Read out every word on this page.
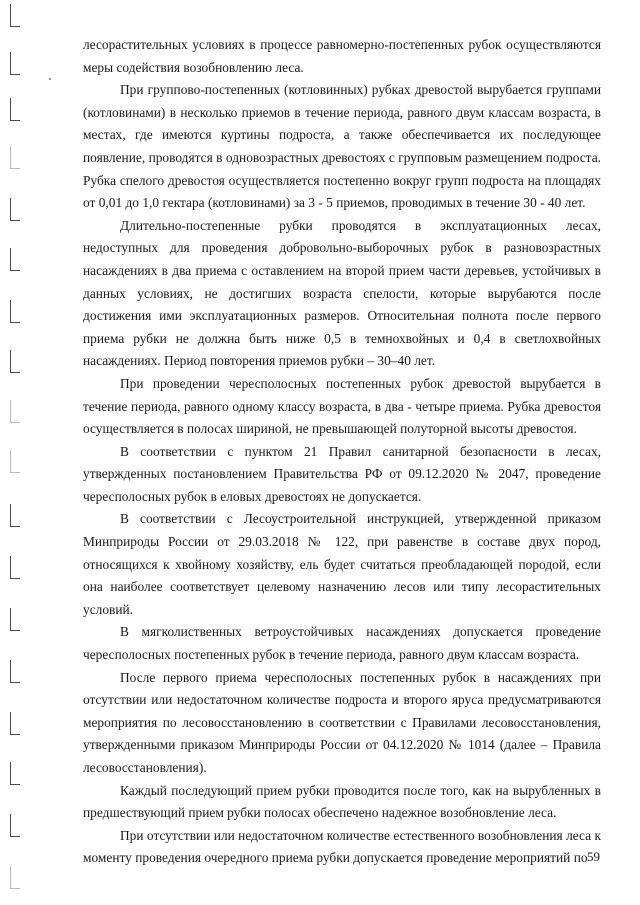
лесорастительных условиях в процессе равномерно-постепенных рубок осуществляются меры содействия возобновлению леса.

При группово-постепенных (котловинных) рубках древостой вырубается группами (котловинами) в несколько приемов в течение периода, равного двум классам возраста, в местах, где имеются куртины подроста, а также обеспечивается их последующее появление, проводятся в одновозрастных древостоях с групповым размещением подроста. Рубка спелого древостоя осуществляется постепенно вокруг групп подроста на площадях от 0,01 до 1,0 гектара (котловинами) за 3 - 5 приемов, проводимых в течение 30 - 40 лет.

Длительно-постепенные рубки проводятся в эксплуатационных лесах, недоступных для проведения добровольно-выборочных рубок в разновозрастных насаждениях в два приема с оставлением на второй прием части деревьев, устойчивых в данных условиях, не достигших возраста спелости, которые вырубаются после достижения ими эксплуатационных размеров. Относительная полнота после первого приема рубки не должна быть ниже 0,5 в темнохвойных и 0,4 в светлохвойных насаждениях. Период повторения приемов рубки – 30–40 лет.

При проведении чересполосных постепенных рубок древостой вырубается в течение периода, равного одному классу возраста, в два - четыре приема. Рубка древостоя осуществляется в полосах шириной, не превышающей полуторной высоты древостоя.

В соответствии с пунктом 21 Правил санитарной безопасности в лесах, утвержденных постановлением Правительства РФ от 09.12.2020 № 2047, проведение чересполосных рубок в еловых древостоях не допускается.

В соответствии с Лесоустроительной инструкцией, утвержденной приказом Минприроды России от 29.03.2018 № 122, при равенстве в составе двух пород, относящихся к хвойному хозяйству, ель будет считаться преобладающей породой, если она наиболее соответствует целевому назначению лесов или типу лесорастительных условий.

В мягколиственных ветроустойчивых насаждениях допускается проведение чересполосных постепенных рубок в течение периода, равного двум классам возраста.

После первого приема чересполосных постепенных рубок в насаждениях при отсутствии или недостаточном количестве подроста и второго яруса предусматриваются мероприятия по лесовосстановлению в соответствии с Правилами лесовосстановления, утвержденными приказом Минприроды России от 04.12.2020 № 1014 (далее – Правила лесовосстановления).

Каждый последующий прием рубки проводится после того, как на вырубленных в предшествующий прием рубки полосах обеспечено надежное возобновление леса.

При отсутствии или недостаточном количестве естественного возобновления леса к моменту проведения очередного приема рубки допускается проведение мероприятий по 59
